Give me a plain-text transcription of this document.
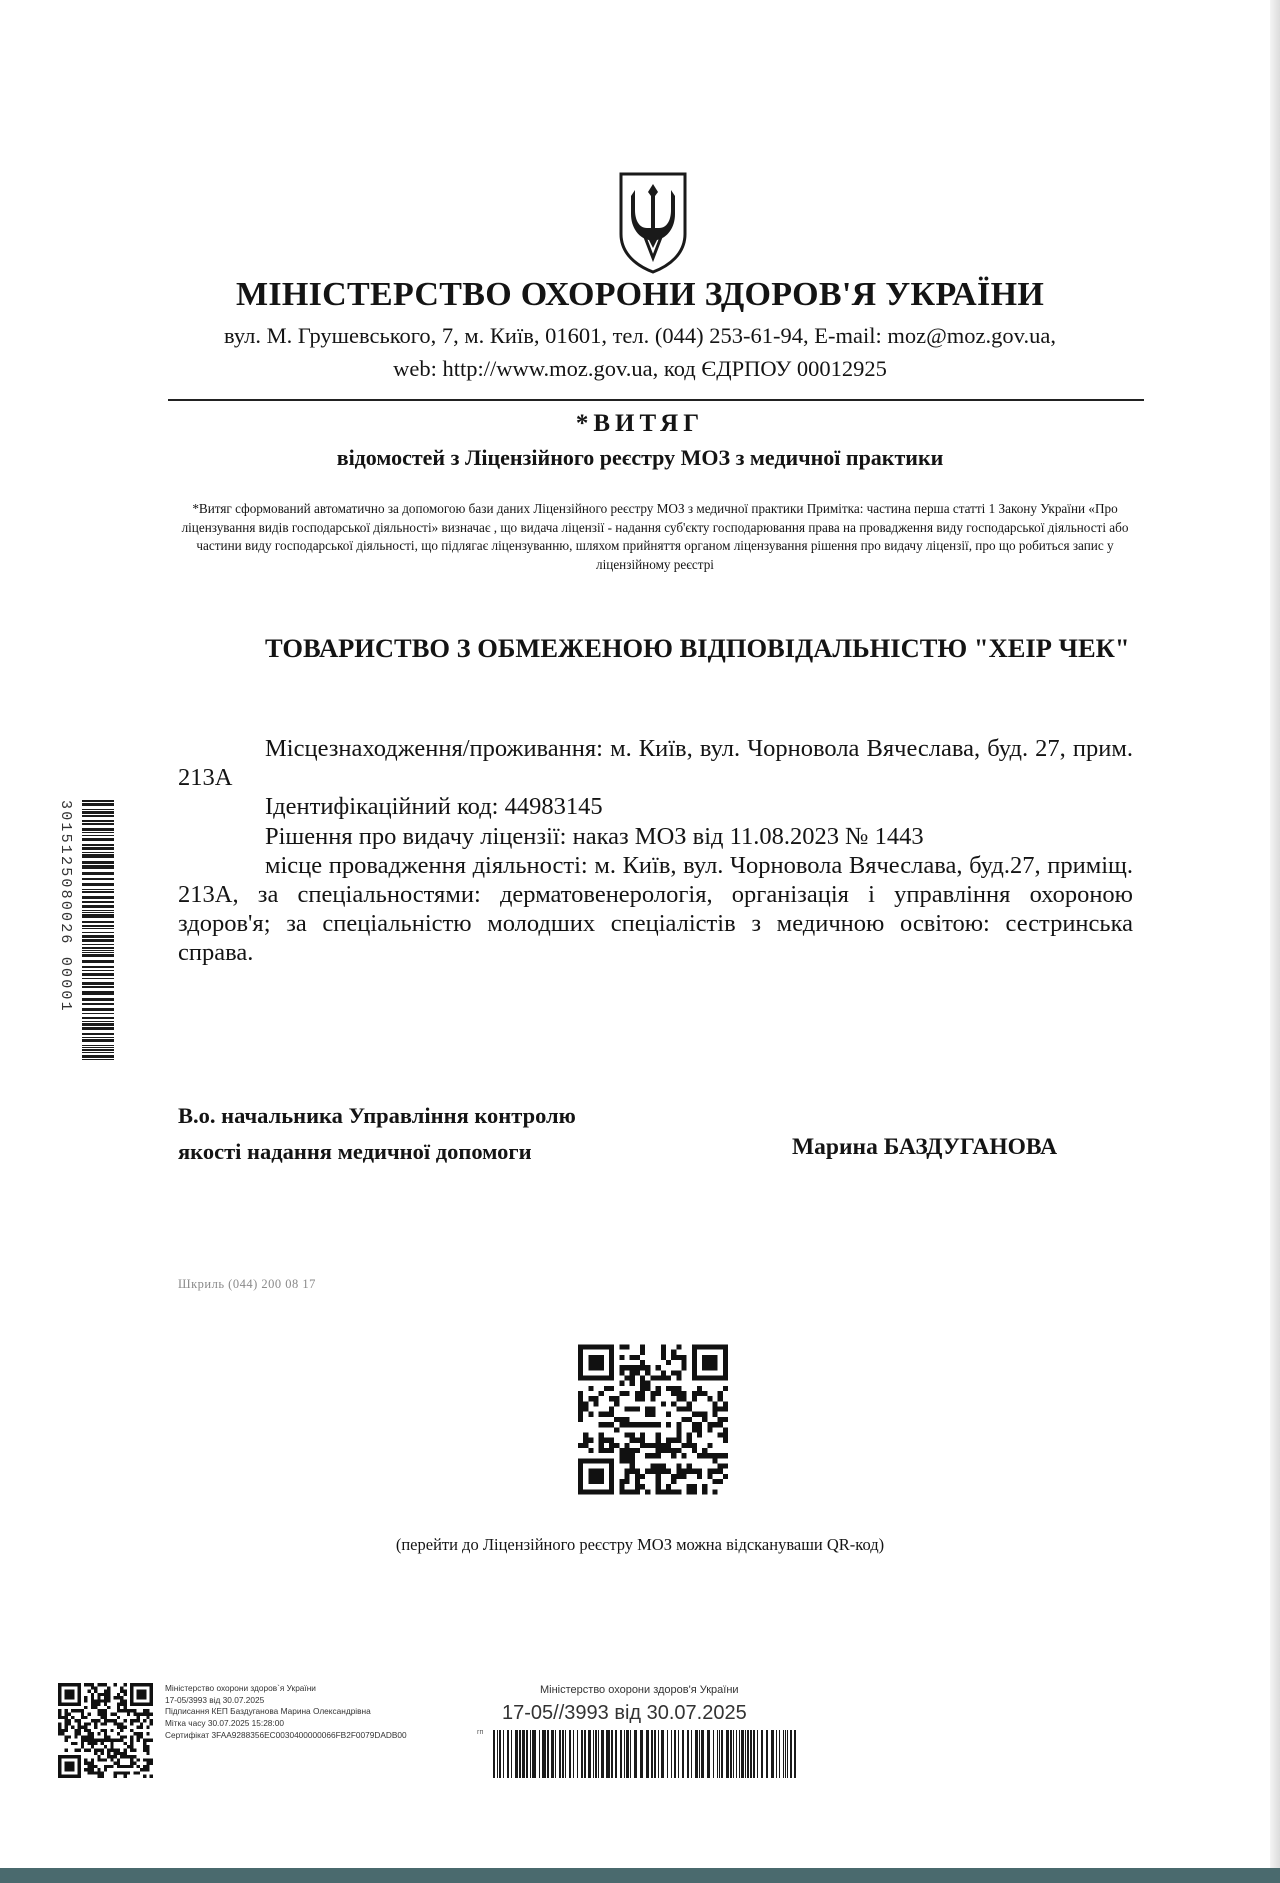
МІНІСТЕРСТВО ОХОРОНИ ЗДОРОВ'Я УКРАЇНИ
вул. М. Грушевського, 7, м. Київ, 01601, тел. (044) 253-61-94, E-mail: moz@moz.gov.ua,
web: http://www.moz.gov.ua, код ЄДРПОУ 00012925
*ВИТЯГ
відомостей з Ліцензійного реєстру МОЗ з медичної практики
*Витяг сформований автоматично за допомогою бази даних Ліцензійного реєстру МОЗ з медичної практики Примітка: частина перша статті 1 Закону України «Про ліцензування видів господарської діяльності» визначає , що видача ліцензії - надання суб'єкту господарювання права на провадження виду господарської діяльності або частини виду господарської діяльності, що підлягає ліцензуванню, шляхом прийняття органом ліцензування рішення про видачу ліцензії, про що робиться запис у ліцензійному реєстрі
ТОВАРИСТВО З ОБМЕЖЕНОЮ ВІДПОВІДАЛЬНІСТЮ "ХЕІР ЧЕК"

Місцезнаходження/проживання: м. Київ, вул. Чорновола Вячеслава, буд. 27, прим. 213А

Ідентифікаційний код: 44983145

Рішення про видачу ліцензії: наказ МОЗ від 11.08.2023 № 1443

місце провадження діяльності: м. Київ, вул. Чорновола Вячеслава, буд.27, приміщ. 213А, за спеціальностями: дерматовенерологія, організація і управління охороною здоров'я; за спеціальністю молодших спеціалістів з медичною освітою: сестринська справа.

В.о. начальника Управління контролю
якості надання медичної допомоги	Марина БАЗДУГАНОВА
Шкриль (044) 200 08 17
(перейти до Ліцензійного реєстру МОЗ можна відскануваши QR-код)
Міністерство охорони здоров`я України
17-05/3993 від 30.07.2025
Підписання КЕП Баздуганова Марина Олександрівна
Мітка часу 30.07.2025 15:28:00
Сертифікат 3FAA9288356EC0030400000066FB2F0079DADB00
Міністерство охорони здоров'я України
17-05//3993 від 30.07.2025
гп
3015125080026 00001
